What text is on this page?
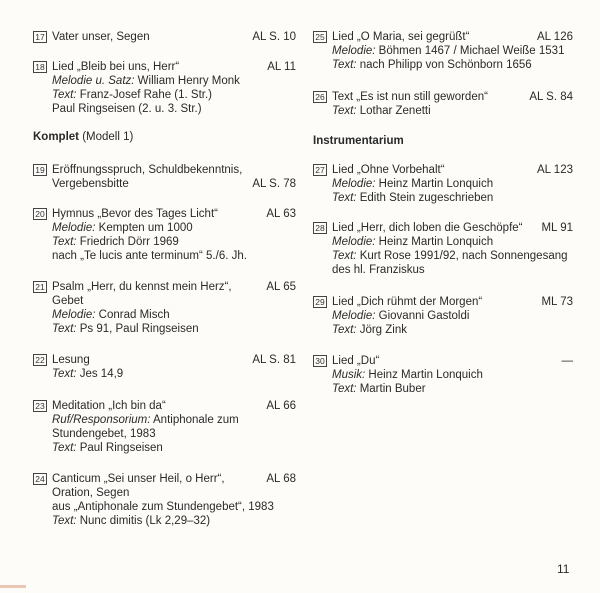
17 Vater unser, Segen	AL S. 10
18 Lied „Bleib bei uns, Herr“	AL 11
Melodie u. Satz: William Henry Monk
Text: Franz-Josef Rahe (1. Str.)
Paul Ringseisen (2. u. 3. Str.)
Komplet (Modell 1)
19 Eröffnungsspruch, Schuldbekenntnis,
Vergebensbitte	AL S. 78
20 Hymnus „Bevor des Tages Licht“	AL 63
Melodie: Kempten um 1000
Text: Friedrich Dörr 1969
nach „Te lucis ante terminum“ 5./6. Jh.
21 Psalm „Herr, du kennst mein Herz“,	AL 65
Gebet
Melodie: Conrad Misch
Text: Ps 91, Paul Ringseisen
22 Lesung	AL S. 81
Text: Jes 14,9
23 Meditation „Ich bin da“	AL 66
Ruf/Responsorium: Antiphonale zum
Stundengebet, 1983
Text: Paul Ringseisen
24 Canticum „Sei unser Heil, o Herr“,	AL 68
Oration, Segen
aus „Antiphonale zum Stundengebet“, 1983
Text: Nunc dimitis (Lk 2,29–32)
25 Lied „O Maria, sei gegrüßt“	AL 126
Melodie: Böhmen 1467 / Michael Weiße 1531
Text: nach Philipp von Schönborn 1656
26 Text „Es ist nun still geworden“	AL S. 84
Text: Lothar Zenetti
Instrumentarium
27 Lied „Ohne Vorbehalt“	AL 123
Melodie: Heinz Martin Lonquich
Text: Edith Stein zugeschrieben
28 Lied „Herr, dich loben die Geschöpfe“ ML 91
Melodie: Heinz Martin Lonquich
Text: Kurt Rose 1991/92, nach Sonnengesang
des hl. Franziskus
29 Lied „Dich rühmt der Morgen“	ML 73
Melodie: Giovanni Gastoldi
Text: Jörg Zink
30 Lied „Du“	—
Musik: Heinz Martin Lonquich
Text: Martin Buber
11
